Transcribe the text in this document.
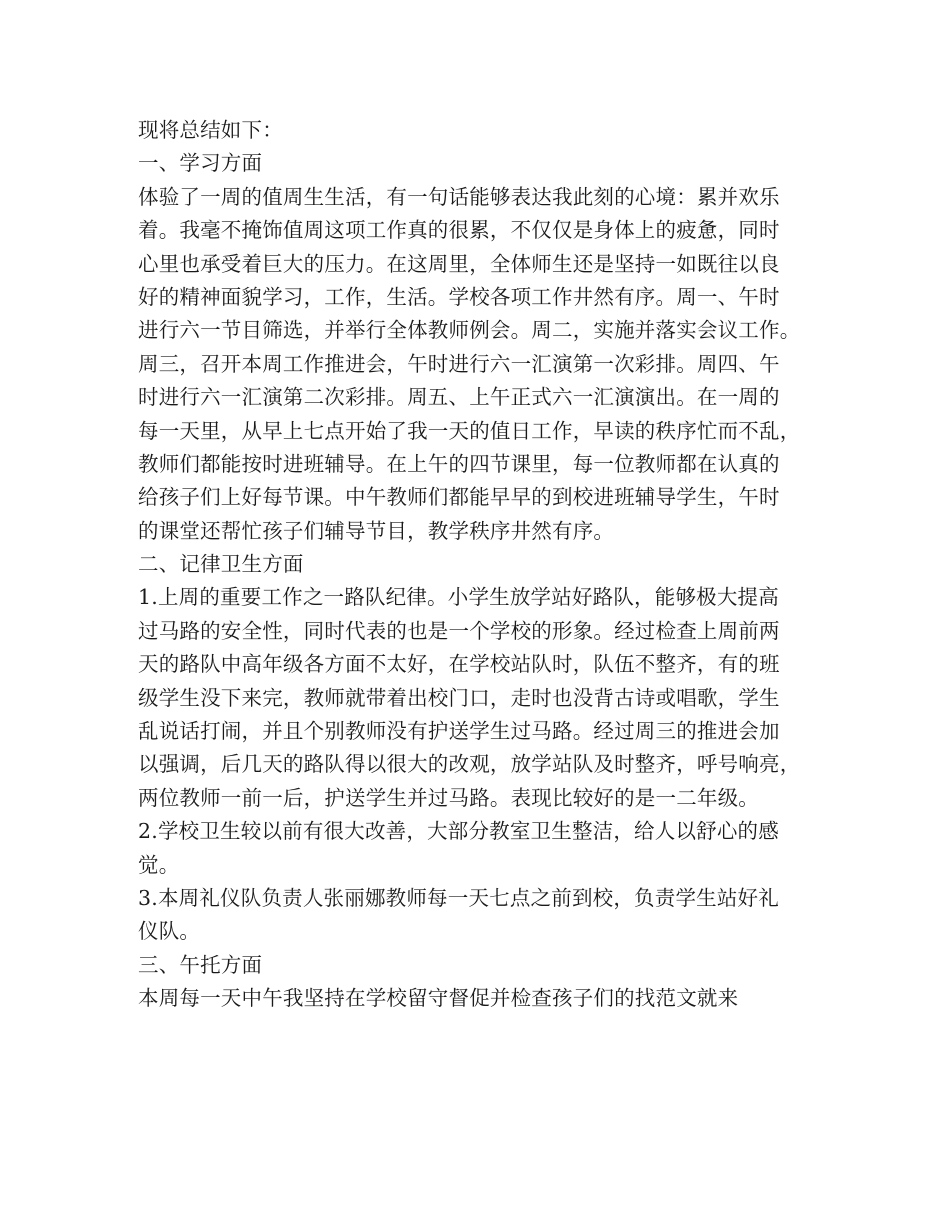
现将总结如下：
一、学习方面
体验了一周的值周生生活，有一句话能够表达我此刻的心境：累并欢乐
着。我毫不掩饰值周这项工作真的很累，不仅仅是身体上的疲惫，同时
心里也承受着巨大的压力。在这周里，全体师生还是坚持一如既往以良
好的精神面貌学习，工作，生活。学校各项工作井然有序。周一、午时
进行六一节目筛选，并举行全体教师例会。周二，实施并落实会议工作。
周三，召开本周工作推进会，午时进行六一汇演第一次彩排。周四、午
时进行六一汇演第二次彩排。周五、上午正式六一汇演演出。在一周的
每一天里，从早上七点开始了我一天的值日工作，早读的秩序忙而不乱，
教师们都能按时进班辅导。在上午的四节课里，每一位教师都在认真的
给孩子们上好每节课。中午教师们都能早早的到校进班辅导学生，午时
的课堂还帮忙孩子们辅导节目，教学秩序井然有序。
二、记律卫生方面
1.上周的重要工作之一路队纪律。小学生放学站好路队，能够极大提高
过马路的安全性，同时代表的也是一个学校的形象。经过检查上周前两
天的路队中高年级各方面不太好，在学校站队时，队伍不整齐，有的班
级学生没下来完，教师就带着出校门口，走时也没背古诗或唱歌，学生
乱说话打闹，并且个别教师没有护送学生过马路。经过周三的推进会加
以强调，后几天的路队得以很大的改观，放学站队及时整齐，呼号响亮，
两位教师一前一后，护送学生并过马路。表现比较好的是一二年级。
2.学校卫生较以前有很大改善，大部分教室卫生整洁，给人以舒心的感
觉。
3.本周礼仪队负责人张丽娜教师每一天七点之前到校，负责学生站好礼
仪队。
三、午托方面
本周每一天中午我坚持在学校留守督促并检查孩子们的找范文就来
